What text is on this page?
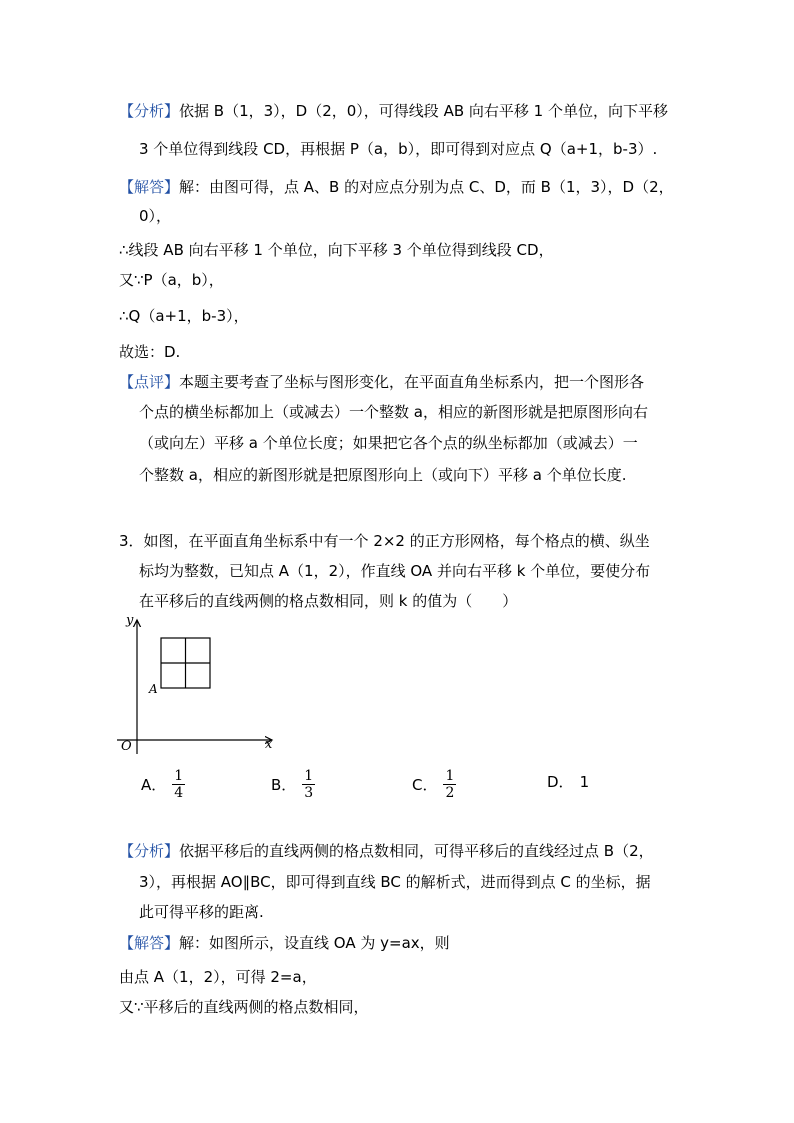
【分析】依据 B（1，3），D（2，0），可得线段 AB 向右平移 1 个单位，向下平移
3 个单位得到线段 CD，再根据 P（a，b），即可得到对应点 Q（a+1，b-3）.
【解答】解：由图可得，点 A、B 的对应点分别为点 C、D，而 B（1，3），D（2，
0），
∴线段 AB 向右平移 1 个单位，向下平移 3 个单位得到线段 CD，
又∵P（a，b），
∴Q（a+1，b-3），
故选：D.
【点评】本题主要考查了坐标与图形变化，在平面直角坐标系内，把一个图形各
个点的横坐标都加上（或减去）一个整数 a，相应的新图形就是把原图形向右
（或向左）平移 a 个单位长度；如果把它各个点的纵坐标都加（或减去）一
个整数 a，相应的新图形就是把原图形向上（或向下）平移 a 个单位长度.
3．如图，在平面直角坐标系中有一个 2×2 的正方形网格，每个格点的横、纵坐
标均为整数，已知点 A（1，2），作直线 OA 并向右平移 k 个单位，要使分布
在平移后的直线两侧的格点数相同，则 k 的值为（　　）
y
x
O
A
A． $\frac{1}{4}$	B． $\frac{1}{3}$	C． $\frac{1}{2}$	D． 1
【分析】依据平移后的直线两侧的格点数相同，可得平移后的直线经过点 B（2，
3），再根据 AO∥BC，即可得到直线 BC 的解析式，进而得到点 C 的坐标，据
此可得平移的距离.
【解答】解：如图所示，设直线 OA 为 y=ax，则
由点 A（1，2），可得 2=a，
又∵平移后的直线两侧的格点数相同，
